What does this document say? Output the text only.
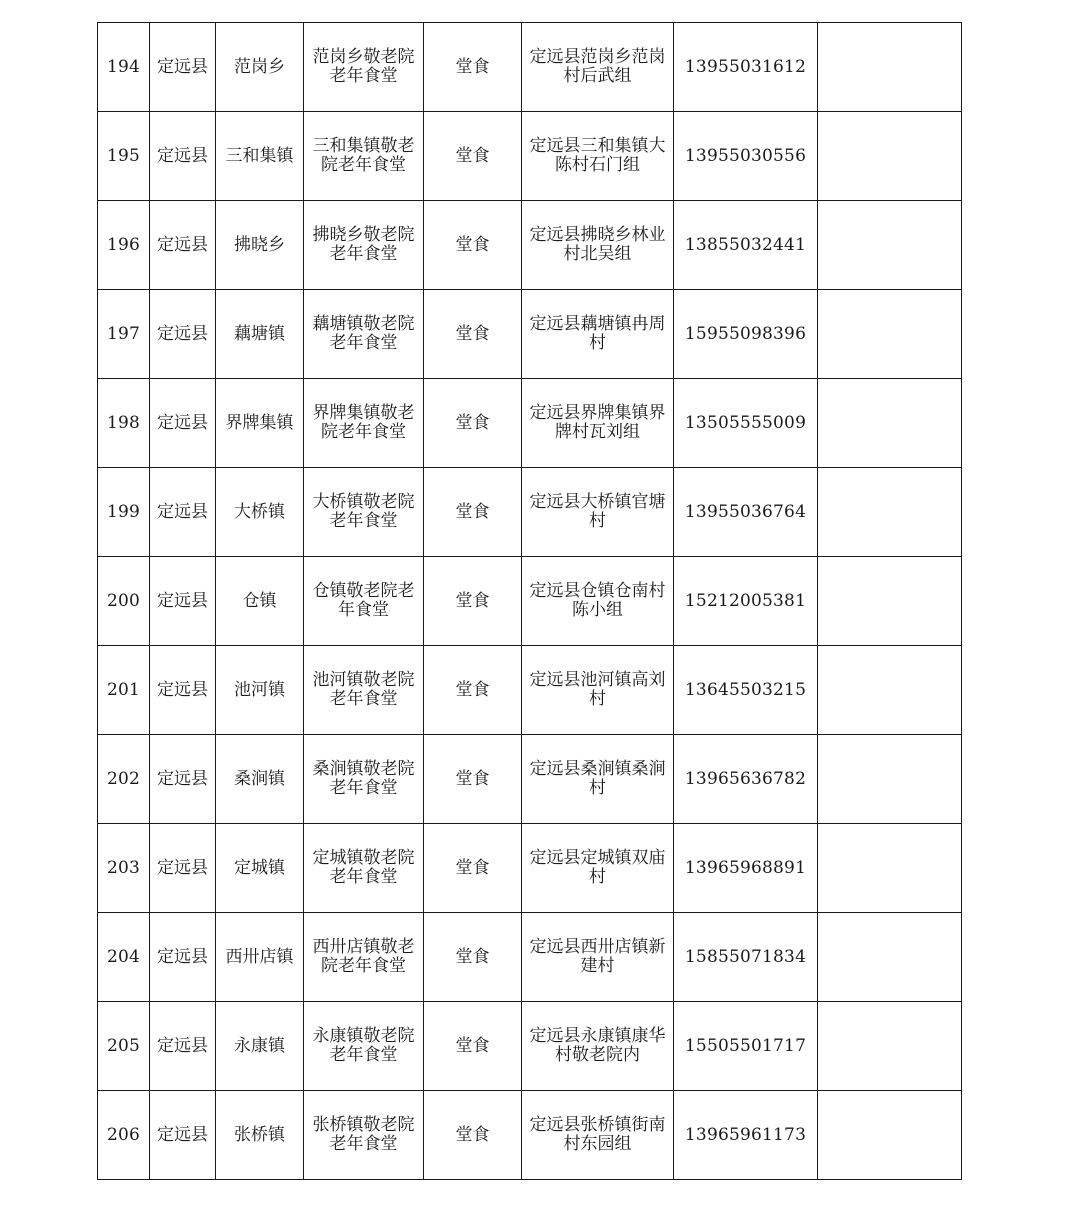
194	定远县	范岗乡	范岗乡敬老院老年食堂	堂食	定远县范岗乡范岗村后武组	13955031612	
195	定远县	三和集镇	三和集镇敬老院老年食堂	堂食	定远县三和集镇大陈村石门组	13955030556	
196	定远县	拂晓乡	拂晓乡敬老院老年食堂	堂食	定远县拂晓乡林业村北吴组	13855032441	
197	定远县	藕塘镇	藕塘镇敬老院老年食堂	堂食	定远县藕塘镇冉周村	15955098396	
198	定远县	界牌集镇	界牌集镇敬老院老年食堂	堂食	定远县界牌集镇界牌村瓦刘组	13505555009	
199	定远县	大桥镇	大桥镇敬老院老年食堂	堂食	定远县大桥镇官塘村	13955036764	
200	定远县	仓镇	仓镇敬老院老年食堂	堂食	定远县仓镇仓南村陈小组	15212005381	
201	定远县	池河镇	池河镇敬老院老年食堂	堂食	定远县池河镇高刘村	13645503215	
202	定远县	桑涧镇	桑涧镇敬老院老年食堂	堂食	定远县桑涧镇桑涧村	13965636782	
203	定远县	定城镇	定城镇敬老院老年食堂	堂食	定远县定城镇双庙村	13965968891	
204	定远县	西卅店镇	西卅店镇敬老院老年食堂	堂食	定远县西卅店镇新建村	15855071834	
205	定远县	永康镇	永康镇敬老院老年食堂	堂食	定远县永康镇康华村敬老院内	15505501717	
206	定远县	张桥镇	张桥镇敬老院老年食堂	堂食	定远县张桥镇街南村东园组	13965961173	
